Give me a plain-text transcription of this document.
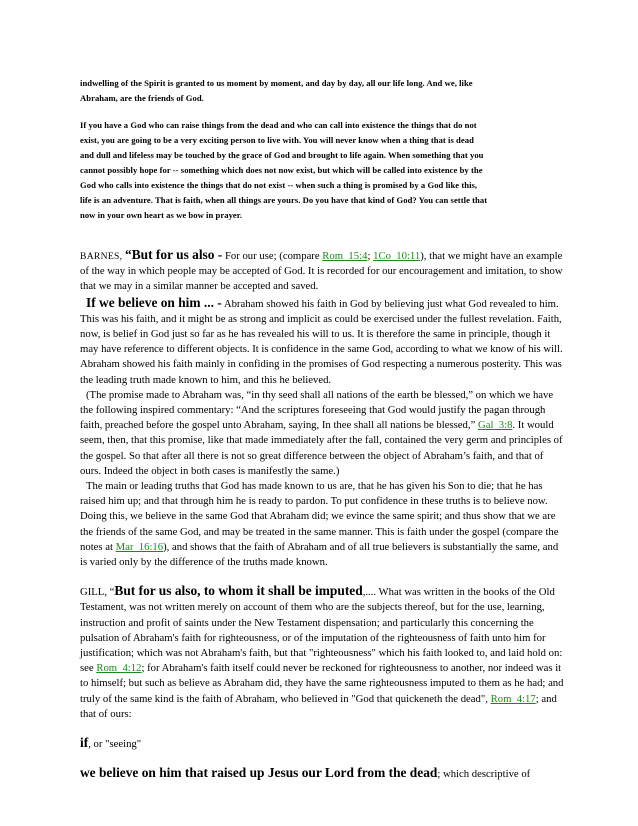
indwelling of the Spirit is granted to us moment by moment, and day by day, all our life long. And we, like
Abraham, are the friends of God.

If you have a God who can raise things from the dead and who can call into existence the things that do not
exist, you are going to be a very exciting person to live with. You will never know when a thing that is dead
and dull and lifeless may be touched by the grace of God and brought to life again. When something that you
cannot possibly hope for -- something which does not now exist, but which will be called into existence by the
God who calls into existence the things that do not exist -- when such a thing is promised by a God like this,
life is an adventure. That is faith, when all things are yours. Do you have that kind of God? You can settle that
now in your own heart as we bow in prayer.

BARNES, “But for us also - For our use; (compare Rom_15:4; 1Co_10:11), that we might have an example of the way in which people may be accepted of God. It is recorded for our encouragement and imitation, to show that we may in a similar manner be accepted and saved.
If we believe on him ... - Abraham showed his faith in God by believing just what God revealed to him. This was his faith, and it might be as strong and implicit as could be exercised under the fullest revelation. Faith, now, is belief in God just so far as he has revealed his will to us. It is therefore the same in principle, though it may have reference to different objects. It is confidence in the same God, according to what we know of his will. Abraham showed his faith mainly in confiding in the promises of God respecting a numerous posterity. This was the leading truth made known to him, and this he believed.

(The promise made to Abraham was, “in thy seed shall all nations of the earth be blessed,” on which we have the following inspired commentary: “And the scriptures foreseeing that God would justify the pagan through faith, preached before the gospel unto Abraham, saying, In thee shall all nations be blessed,” Gal_3:8. It would seem, then, that this promise, like that made immediately after the fall, contained the very germ and principles of the gospel. So that after all there is not so great difference between the object of Abraham’s faith, and that of ours. Indeed the object in both cases is manifestly the same.)

The main or leading truths that God has made known to us are, that he has given his Son to die; that he has raised him up; and that through him he is ready to pardon. To put confidence in these truths is to believe now. Doing this, we believe in the same God that Abraham did; we evince the same spirit; and thus show that we are the friends of the same God, and may be treated in the same manner. This is faith under the gospel (compare the notes at Mar_16:16), and shows that the faith of Abraham and of all true believers is substantially the same, and is varied only by the difference of the truths made known.

GILL, “But for us also, to whom it shall be imputed,.... What was written in the books of the Old Testament, was not written merely on account of them who are the subjects thereof, but for the use, learning, instruction and profit of saints under the New Testament dispensation; and particularly this concerning the pulsation of Abraham's faith for righteousness, or of the imputation of the righteousness of faith unto him for justification; which was not Abraham's faith, but that "righteousness" which his faith looked to, and laid hold on: see Rom_4:12; for Abraham's faith itself could never be reckoned for righteousness to another, nor indeed was it to himself; but such as believe as Abraham did, they have the same righteousness imputed to them as he had; and truly of the same kind is the faith of Abraham, who believed in "God that quickeneth the dead", Rom_4:17; and that of ours:

if, or "seeing"

we believe on him that raised up Jesus our Lord from the dead; which descriptive of
